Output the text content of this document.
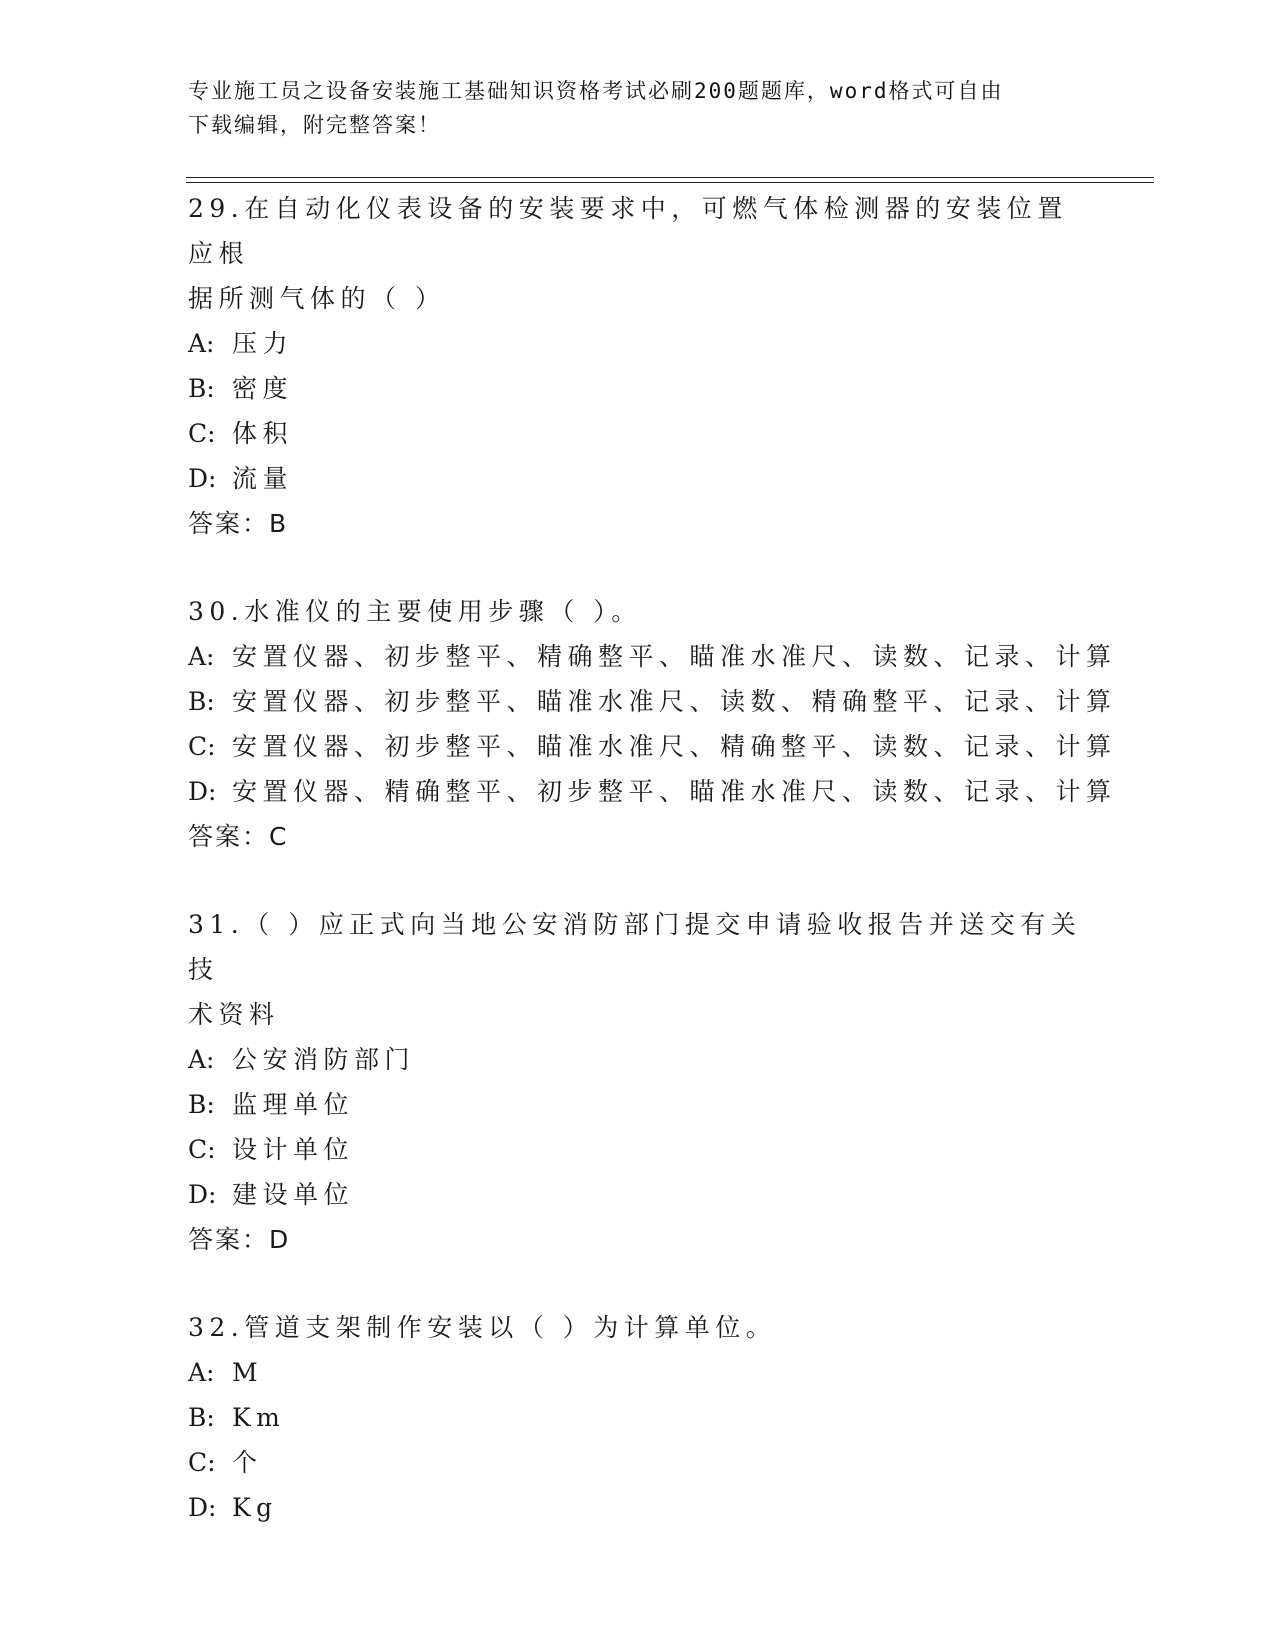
专业施工员之设备安装施工基础知识资格考试必刷200题题库，word格式可自由
下载编辑，附完整答案！

29.在自动化仪表设备的安装要求中，可燃气体检测器的安装位置应根
据所测气体的（ ）

A: 压力
B: 密度
C: 体积
D: 流量
答案：B

30.水准仪的主要使用步骤（ ）。

A: 安置仪器、初步整平、精确整平、瞄准水准尺、读数、记录、计算
B: 安置仪器、初步整平、瞄准水准尺、读数、精确整平、记录、计算
C: 安置仪器、初步整平、瞄准水准尺、精确整平、读数、记录、计算
D: 安置仪器、精确整平、初步整平、瞄准水准尺、读数、记录、计算
答案：C

31.（ ）应正式向当地公安消防部门提交申请验收报告并送交有关技
术资料

A: 公安消防部门
B: 监理单位
C: 设计单位
D: 建设单位
答案：D

32.管道支架制作安装以（ ）为计算单位。

A: M
B: Km
C: 个
D: Kg
